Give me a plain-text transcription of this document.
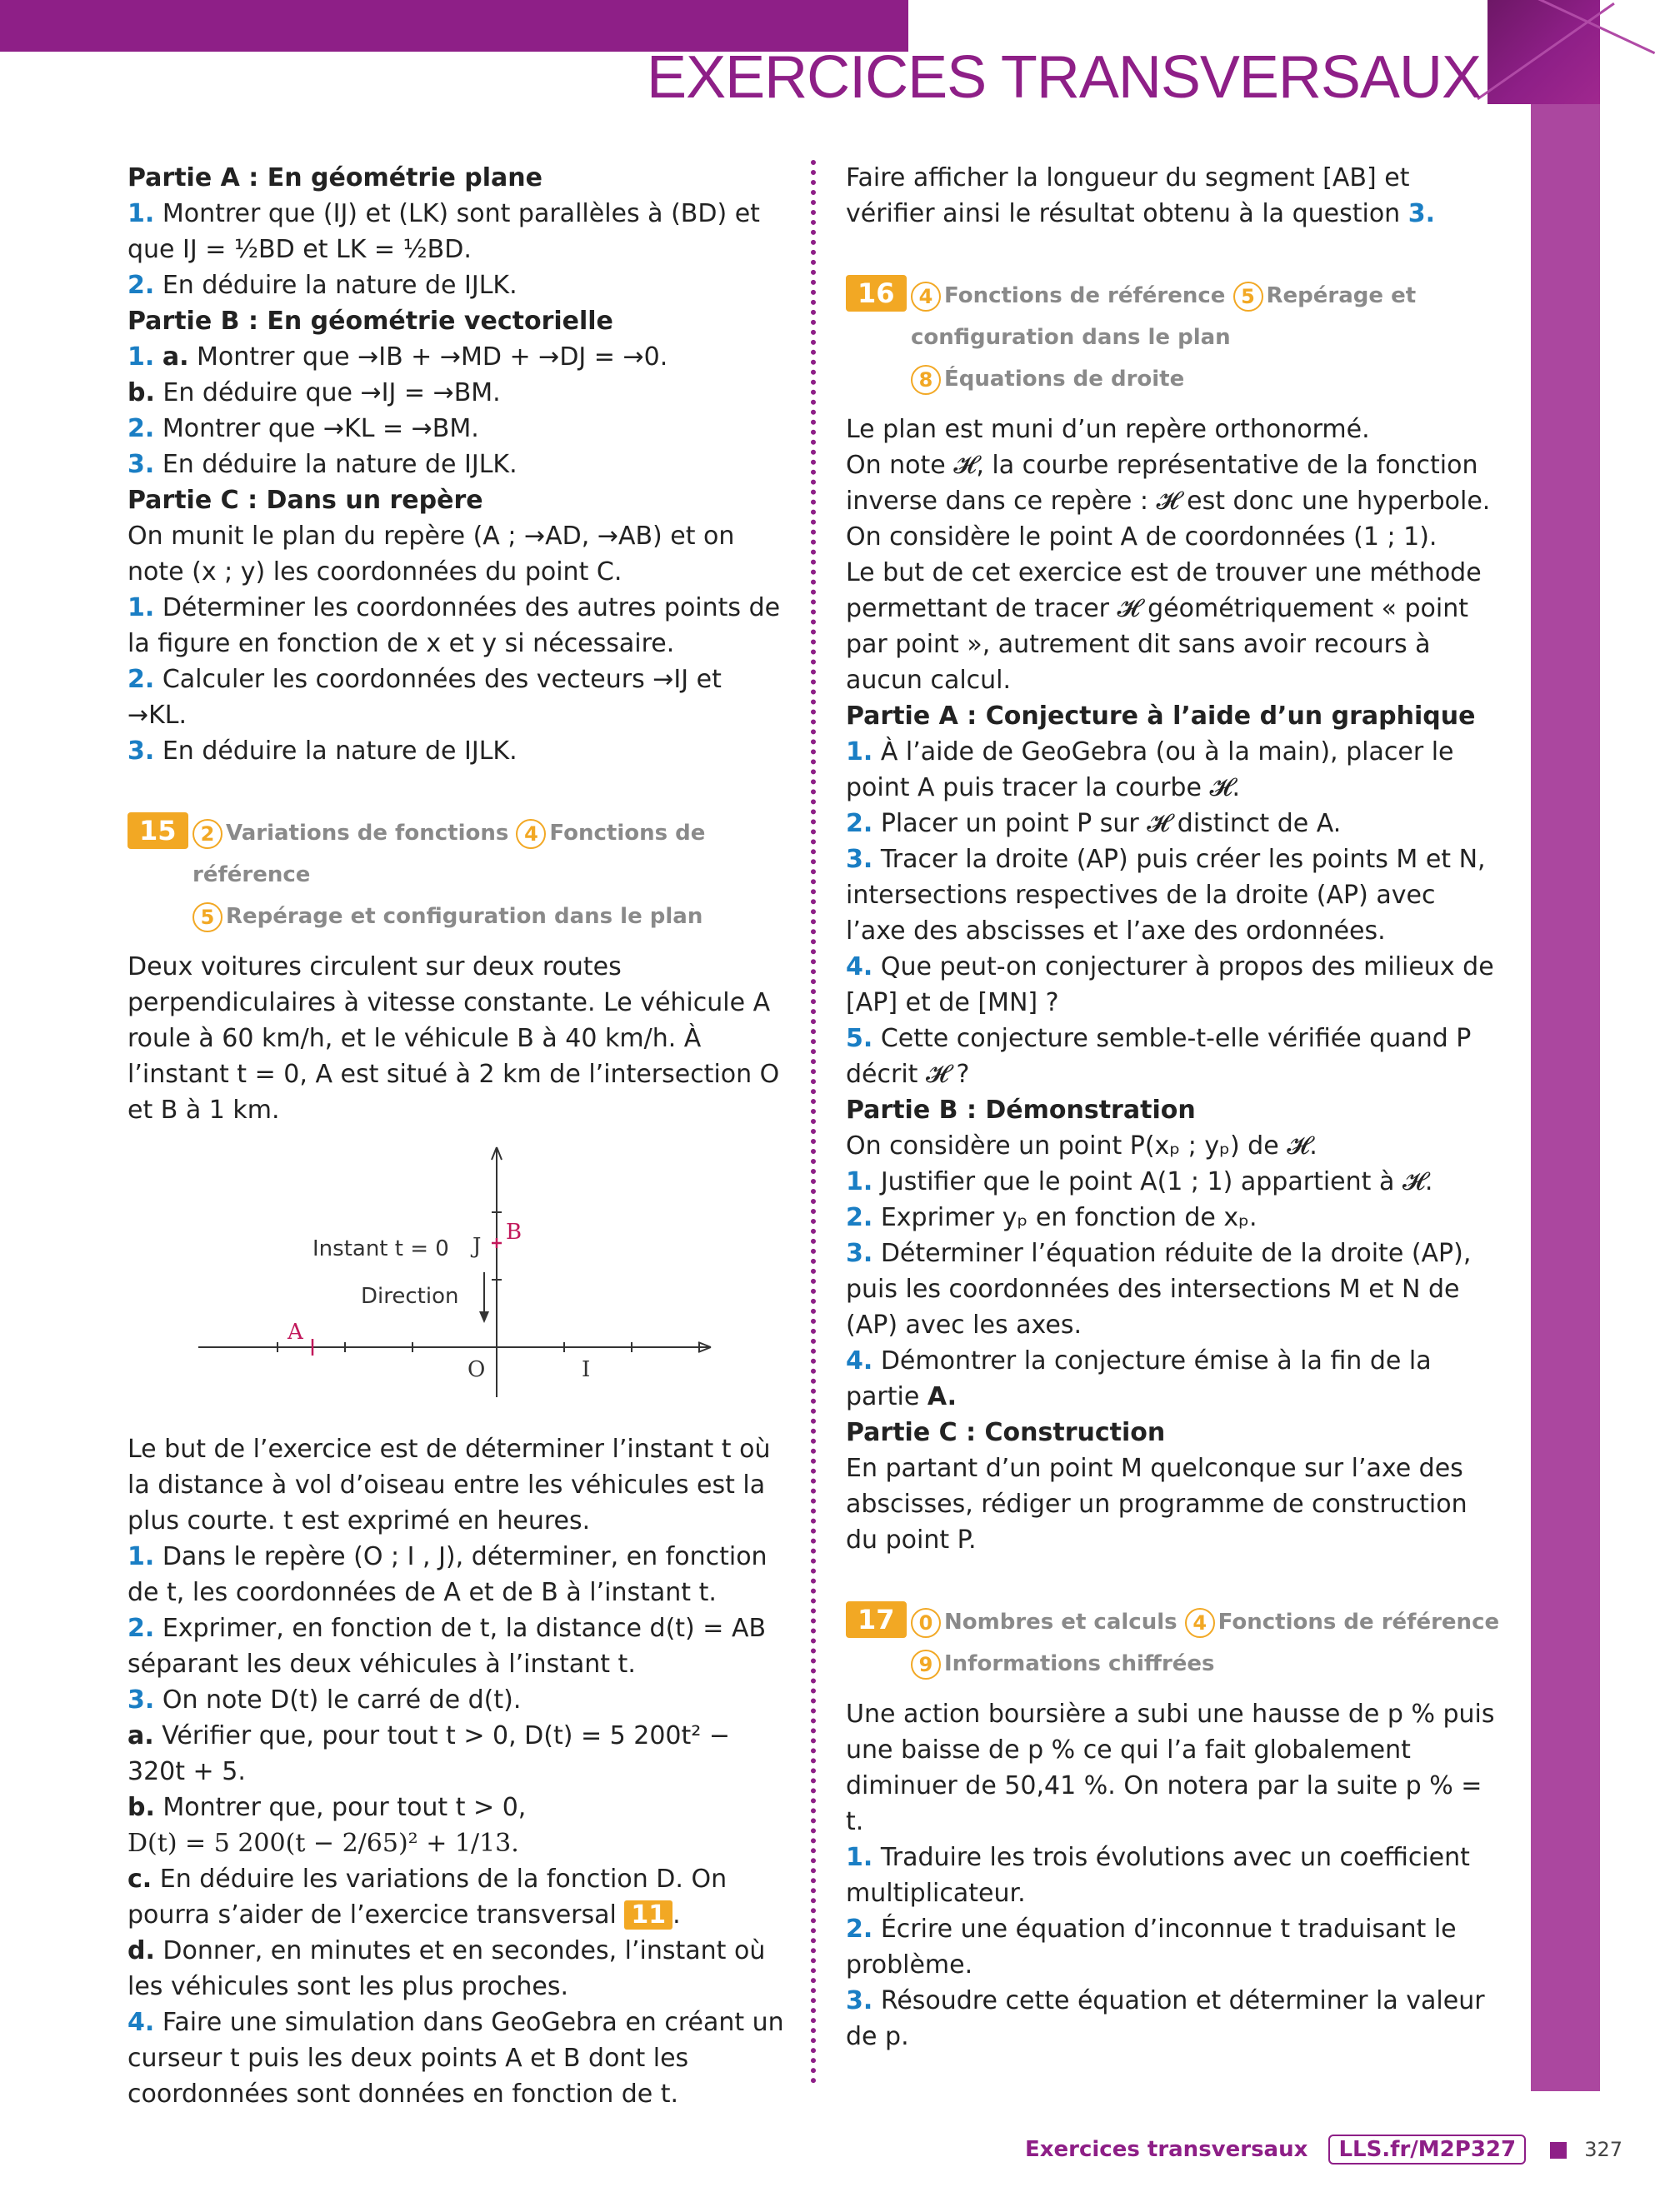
EXERCICES TRANSVERSAUX

Partie A : En géométrie plane

1. Montrer que (IJ) et (LK) sont parallèles à (BD) et que IJ = ½BD et LK = ½BD.

2. En déduire la nature de IJLK.

Partie B : En géométrie vectorielle

1. a. Montrer que →IB + →MD + →DJ = →0.

b. En déduire que →IJ = →BM.

2. Montrer que →KL = →BM.

3. En déduire la nature de IJLK.

Partie C : Dans un repère

On munit le plan du repère (A ; →AD, →AB) et on note (x ; y) les coordonnées du point C.

1. Déterminer les coordonnées des autres points de la figure en fonction de x et y si nécessaire.

2. Calculer les coordonnées des vecteurs →IJ et →KL.

3. En déduire la nature de IJLK.

15	2 Variations de fonctions 4 Fonctions de référence
5 Repérage et configuration dans le plan

Deux voitures circulent sur deux routes perpendiculaires à vitesse constante. Le véhicule A roule à 60 km/h, et le véhicule B à 40 km/h. À l’instant t = 0, A est situé à 2 km de l’intersection O et B à 1 km.

A
B
J
O	I
Instant t = 0
Direction

Le but de l’exercice est de déterminer l’instant t où la distance à vol d’oiseau entre les véhicules est la plus courte. t est exprimé en heures.

1. Dans le repère (O ; I , J), déterminer, en fonction de t, les coordonnées de A et de B à l’instant t.

2. Exprimer, en fonction de t, la distance d(t) = AB séparant les deux véhicules à l’instant t.

3. On note D(t) le carré de d(t).

a. Vérifier que, pour tout t > 0, D(t) = 5 200t² − 320t + 5.

b. Montrer que, pour tout t > 0,

D(t) = 5 200(t − 2/65)² + 1/13.

c. En déduire les variations de la fonction D. On pourra s’aider de l’exercice transversal 11 .

d. Donner, en minutes et en secondes, l’instant où les véhicules sont les plus proches.

4. Faire une simulation dans GeoGebra en créant un curseur t puis les deux points A et B dont les coordonnées sont données en fonction de t.

Faire afficher la longueur du segment [AB] et vérifier ainsi le résultat obtenu à la question 3.

16	4 Fonctions de référence 5 Repérage et configuration dans le plan
8 Équations de droite

Le plan est muni d’un repère orthonormé.

On note 𝓗, la courbe représentative de la fonction inverse dans ce repère : 𝓗 est donc une hyperbole.

On considère le point A de coordonnées (1 ; 1).

Le but de cet exercice est de trouver une méthode permettant de tracer 𝓗 géométriquement « point par point », autrement dit sans avoir recours à aucun calcul.

Partie A : Conjecture à l’aide d’un graphique

1. À l’aide de GeoGebra (ou à la main), placer le point A puis tracer la courbe 𝓗.

2. Placer un point P sur 𝓗 distinct de A.

3. Tracer la droite (AP) puis créer les points M et N, intersections respectives de la droite (AP) avec l’axe des abscisses et l’axe des ordonnées.

4. Que peut-on conjecturer à propos des milieux de [AP] et de [MN] ?

5. Cette conjecture semble-t-elle vérifiée quand P décrit 𝓗 ?

Partie B : Démonstration

On considère un point P(xₚ ; yₚ) de 𝓗.

1. Justifier que le point A(1 ; 1) appartient à 𝓗.

2. Exprimer yₚ en fonction de xₚ.

3. Déterminer l’équation réduite de la droite (AP), puis les coordonnées des intersections M et N de (AP) avec les axes.

4. Démontrer la conjecture émise à la fin de la partie A.

Partie C : Construction

En partant d’un point M quelconque sur l’axe des abscisses, rédiger un programme de construction du point P.

17	0 Nombres et calculs 4 Fonctions de référence
9 Informations chiffrées

Une action boursière a subi une hausse de p % puis une baisse de p % ce qui l’a fait globalement diminuer de 50,41 %. On notera par la suite p % = t.

1. Traduire les trois évolutions avec un coefficient multiplicateur.

2. Écrire une équation d’inconnue t traduisant le problème.

3. Résoudre cette équation et déterminer la valeur de p.

Exercices transversaux LLS.fr/M2P327	327
